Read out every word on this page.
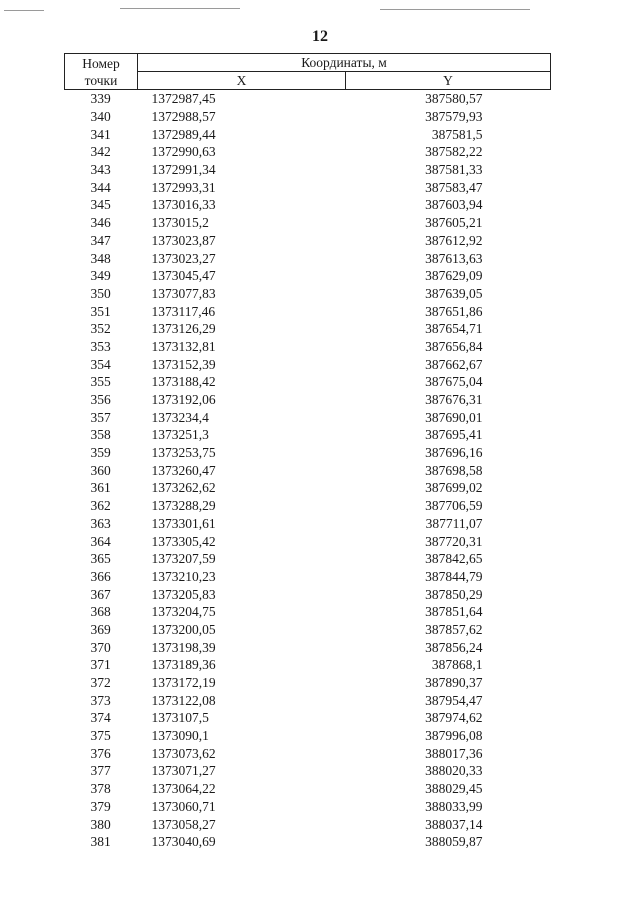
12
Номер
точки	Координаты, м	
	X	Y
339	1372987,45	387580,57
340	1372988,57	387579,93
341	1372989,44	387581,5
342	1372990,63	387582,22
343	1372991,34	387581,33
344	1372993,31	387583,47
345	1373016,33	387603,94
346	1373015,2	387605,21
347	1373023,87	387612,92
348	1373023,27	387613,63
349	1373045,47	387629,09
350	1373077,83	387639,05
351	1373117,46	387651,86
352	1373126,29	387654,71
353	1373132,81	387656,84
354	1373152,39	387662,67
355	1373188,42	387675,04
356	1373192,06	387676,31
357	1373234,4	387690,01
358	1373251,3	387695,41
359	1373253,75	387696,16
360	1373260,47	387698,58
361	1373262,62	387699,02
362	1373288,29	387706,59
363	1373301,61	387711,07
364	1373305,42	387720,31
365	1373207,59	387842,65
366	1373210,23	387844,79
367	1373205,83	387850,29
368	1373204,75	387851,64
369	1373200,05	387857,62
370	1373198,39	387856,24
371	1373189,36	387868,1
372	1373172,19	387890,37
373	1373122,08	387954,47
374	1373107,5	387974,62
375	1373090,1	387996,08
376	1373073,62	388017,36
377	1373071,27	388020,33
378	1373064,22	388029,45
379	1373060,71	388033,99
380	1373058,27	388037,14
381	1373040,69	388059,87
